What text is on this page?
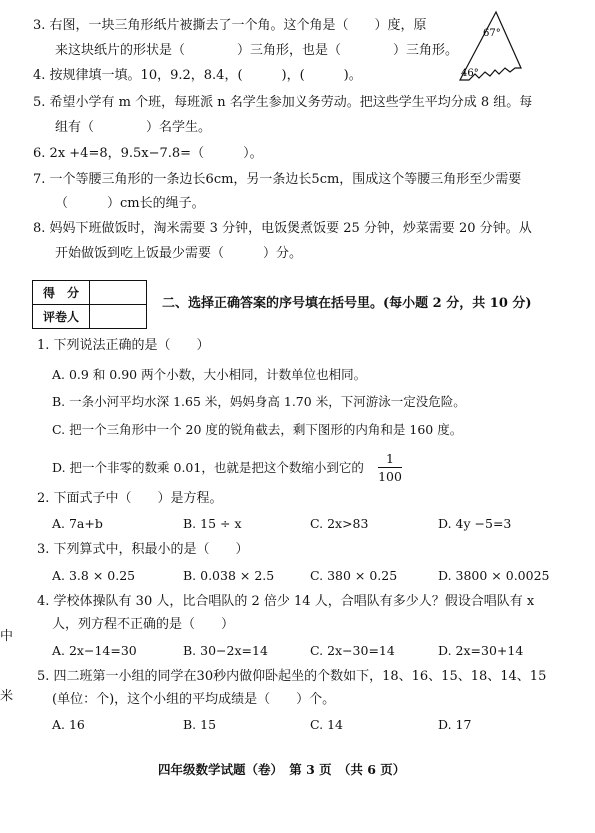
3. 右图，一块三角形纸片被撕去了一个角。这个角是（　　）度，原
来这块纸片的形状是（　　　　）三角形，也是（　　　　）三角形。
67°
46°
4. 按规律填一填。10，9.2，8.4，(　　　)，(　　　)。
5. 希望小学有 m 个班，每班派 n 名学生参加义务劳动。把这些学生平均分成 8 组。每
组有（　　　　）名学生。
6. 2x +4=8，9.5x−7.8=（　　　）。
7. 一个等腰三角形的一条边长6cm，另一条边长5cm，围成这个等腰三角形至少需要
（　　　）cm长的绳子。
8. 妈妈下班做饭时，淘米需要 3 分钟，电饭煲煮饭要 25 分钟，炒菜需要 20 分钟。从
开始做饭到吃上饭最少需要（　　　）分。
得　分	
评卷人	
二、选择正确答案的序号填在括号里。(每小题 2 分，共 10 分)
1. 下列说法正确的是（　　）
A. 0.9 和 0.90 两个小数，大小相同，计数单位也相同。
B. 一条小河平均水深 1.65 米，妈妈身高 1.70 米，下河游泳一定没危险。
C. 把一个三角形中一个 20 度的锐角截去，剩下图形的内角和是 160 度。
D. 把一个非零的数乘 0.01，也就是把这个数缩小到它的
1
100
2. 下面式子中（　　）是方程。
A. 7a+b	B. 15 ÷ x	C. 2x>83	D. 4y −5=3
3. 下列算式中，积最小的是（　　）
A. 3.8 × 0.25	B. 0.038 × 2.5	C. 380 × 0.25	D. 3800 × 0.0025
4. 学校体操队有 30 人，比合唱队的 2 倍少 14 人，合唱队有多少人？假设合唱队有 x
人，列方程不正确的是（　　）
A. 2x−14=30	B. 30−2x=14	C. 2x−30=14	D. 2x=30+14
5. 四二班第一小组的同学在30秒内做仰卧起坐的个数如下，18、16、15、18、14、15
(单位：个)，这个小组的平均成绩是（　　）个。
A. 16	B. 15	C. 14	D. 17
中
米
四年级数学试题（卷）　第 3 页　（共 6 页）
